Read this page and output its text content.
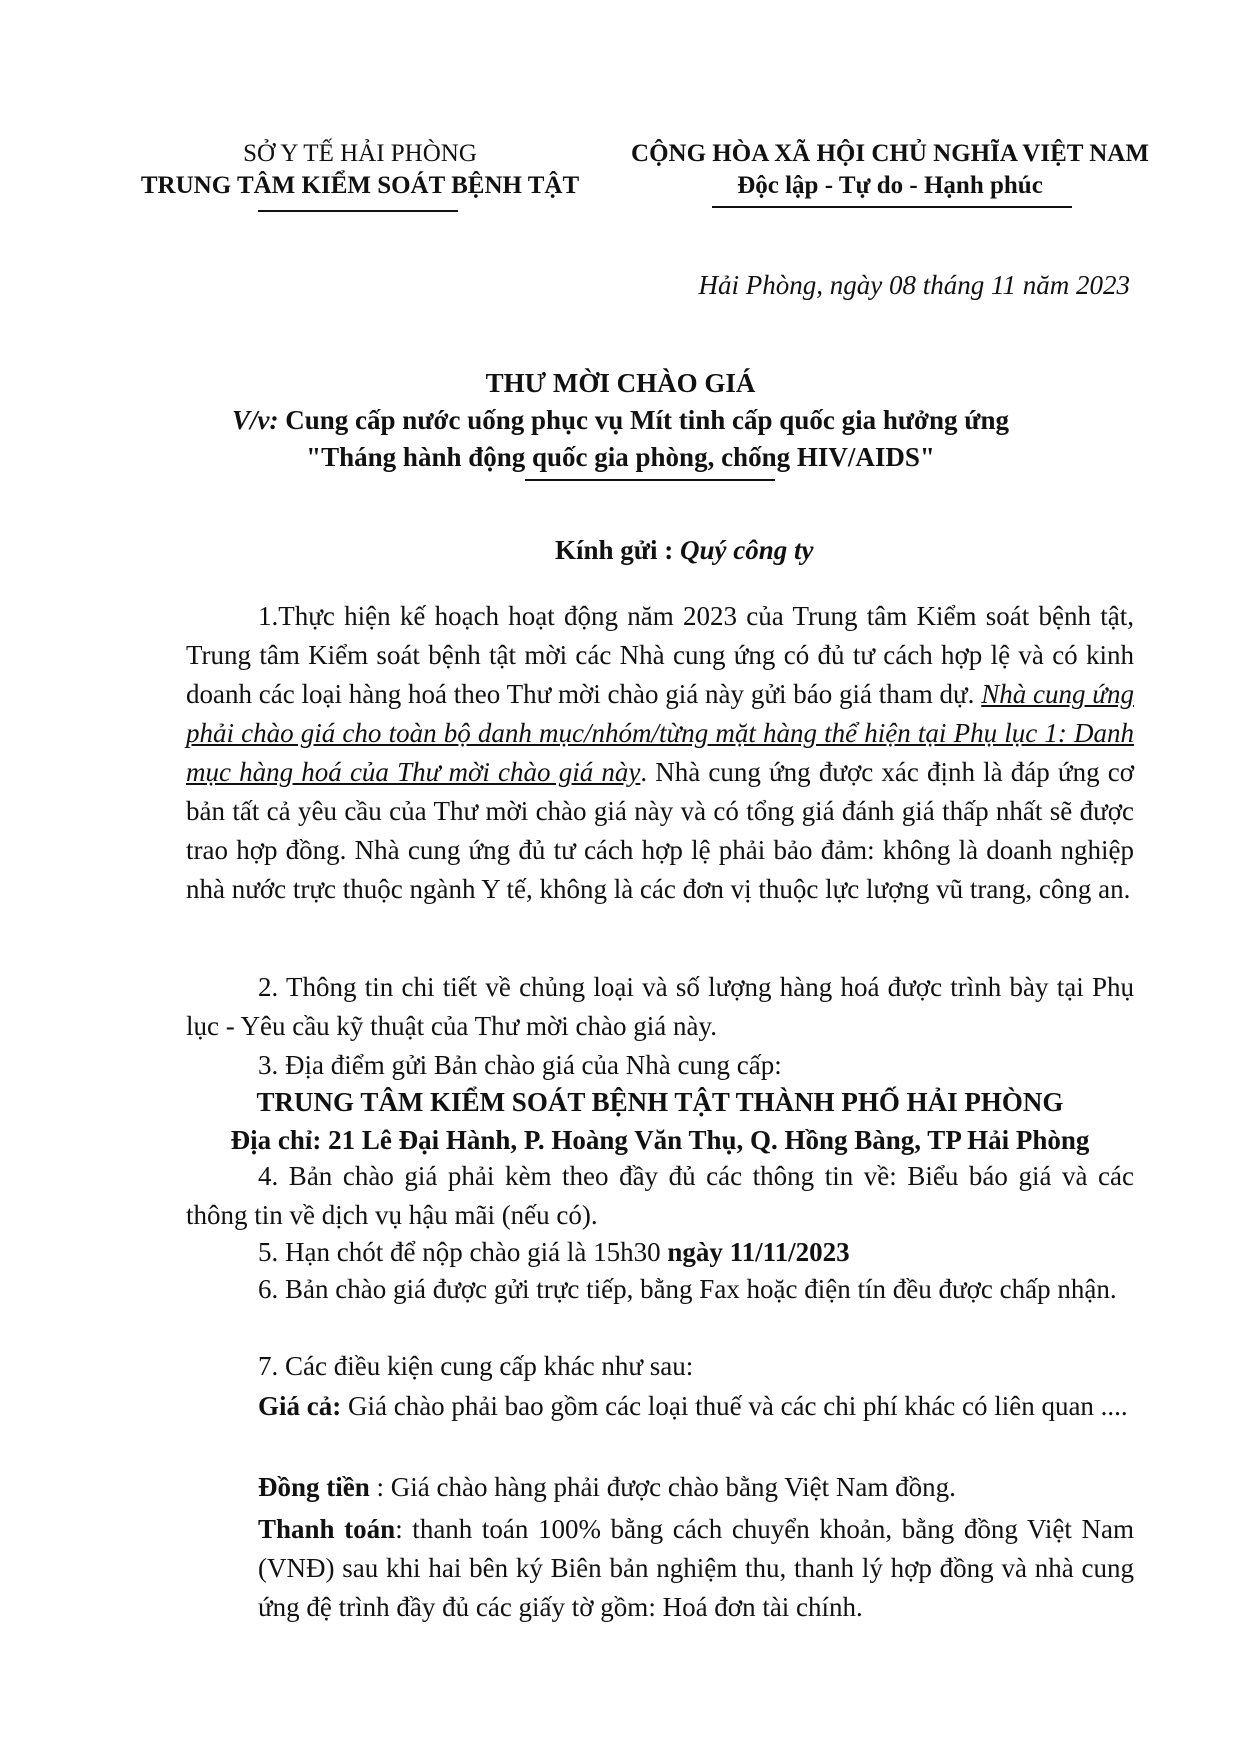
SỞ Y TẾ HẢI PHÒNG
TRUNG TÂM KIỂM SOÁT BỆNH TẬT
CỘNG HÒA XÃ HỘI CHỦ NGHĨA VIỆT NAM
Độc lập - Tự do - Hạnh phúc
Hải Phòng, ngày 08 tháng 11 năm 2023
THƯ MỜI CHÀO GIÁ
V/v: Cung cấp nước uống phục vụ Mít tinh cấp quốc gia hưởng ứng
"Tháng hành động quốc gia phòng, chống HIV/AIDS"
Kính gửi : Quý công ty
1.Thực hiện kế hoạch hoạt động năm 2023 của Trung tâm Kiểm soát bệnh tật, Trung tâm Kiểm soát bệnh tật mời các Nhà cung ứng có đủ tư cách hợp lệ và có kinh doanh các loại hàng hoá theo Thư mời chào giá này gửi báo giá tham dự. Nhà cung ứng phải chào giá cho toàn bộ danh mục/nhóm/từng mặt hàng thể hiện tại Phụ lục 1: Danh mục hàng hoá của Thư mời chào giá này. Nhà cung ứng được xác định là đáp ứng cơ bản tất cả yêu cầu của Thư mời chào giá này và có tổng giá đánh giá thấp nhất sẽ được trao hợp đồng. Nhà cung ứng đủ tư cách hợp lệ phải bảo đảm: không là doanh nghiệp nhà nước trực thuộc ngành Y tế, không là các đơn vị thuộc lực lượng vũ trang, công an.
2. Thông tin chi tiết về chủng loại và số lượng hàng hoá được trình bày tại Phụ lục - Yêu cầu kỹ thuật của Thư mời chào giá này.
3. Địa điểm gửi Bản chào giá của Nhà cung cấp:
TRUNG TÂM KIỂM SOÁT BỆNH TẬT THÀNH PHỐ HẢI PHÒNG
Địa chỉ: 21 Lê Đại Hành, P. Hoàng Văn Thụ, Q. Hồng Bàng, TP Hải Phòng
4. Bản chào giá phải kèm theo đầy đủ các thông tin về: Biểu báo giá và các thông tin về dịch vụ hậu mãi (nếu có).
5. Hạn chót để nộp chào giá là 15h30 ngày 11/11/2023
6. Bản chào giá được gửi trực tiếp, bằng Fax hoặc điện tín đều được chấp nhận.
7. Các điều kiện cung cấp khác như sau:
Giá cả: Giá chào phải bao gồm các loại thuế và các chi phí khác có liên quan ....
Đồng tiền : Giá chào hàng phải được chào bằng Việt Nam đồng.
Thanh toán: thanh toán 100% bằng cách chuyển khoản, bằng đồng Việt Nam (VNĐ) sau khi hai bên ký Biên bản nghiệm thu, thanh lý hợp đồng và nhà cung ứng đệ trình đầy đủ các giấy tờ gồm: Hoá đơn tài chính.
